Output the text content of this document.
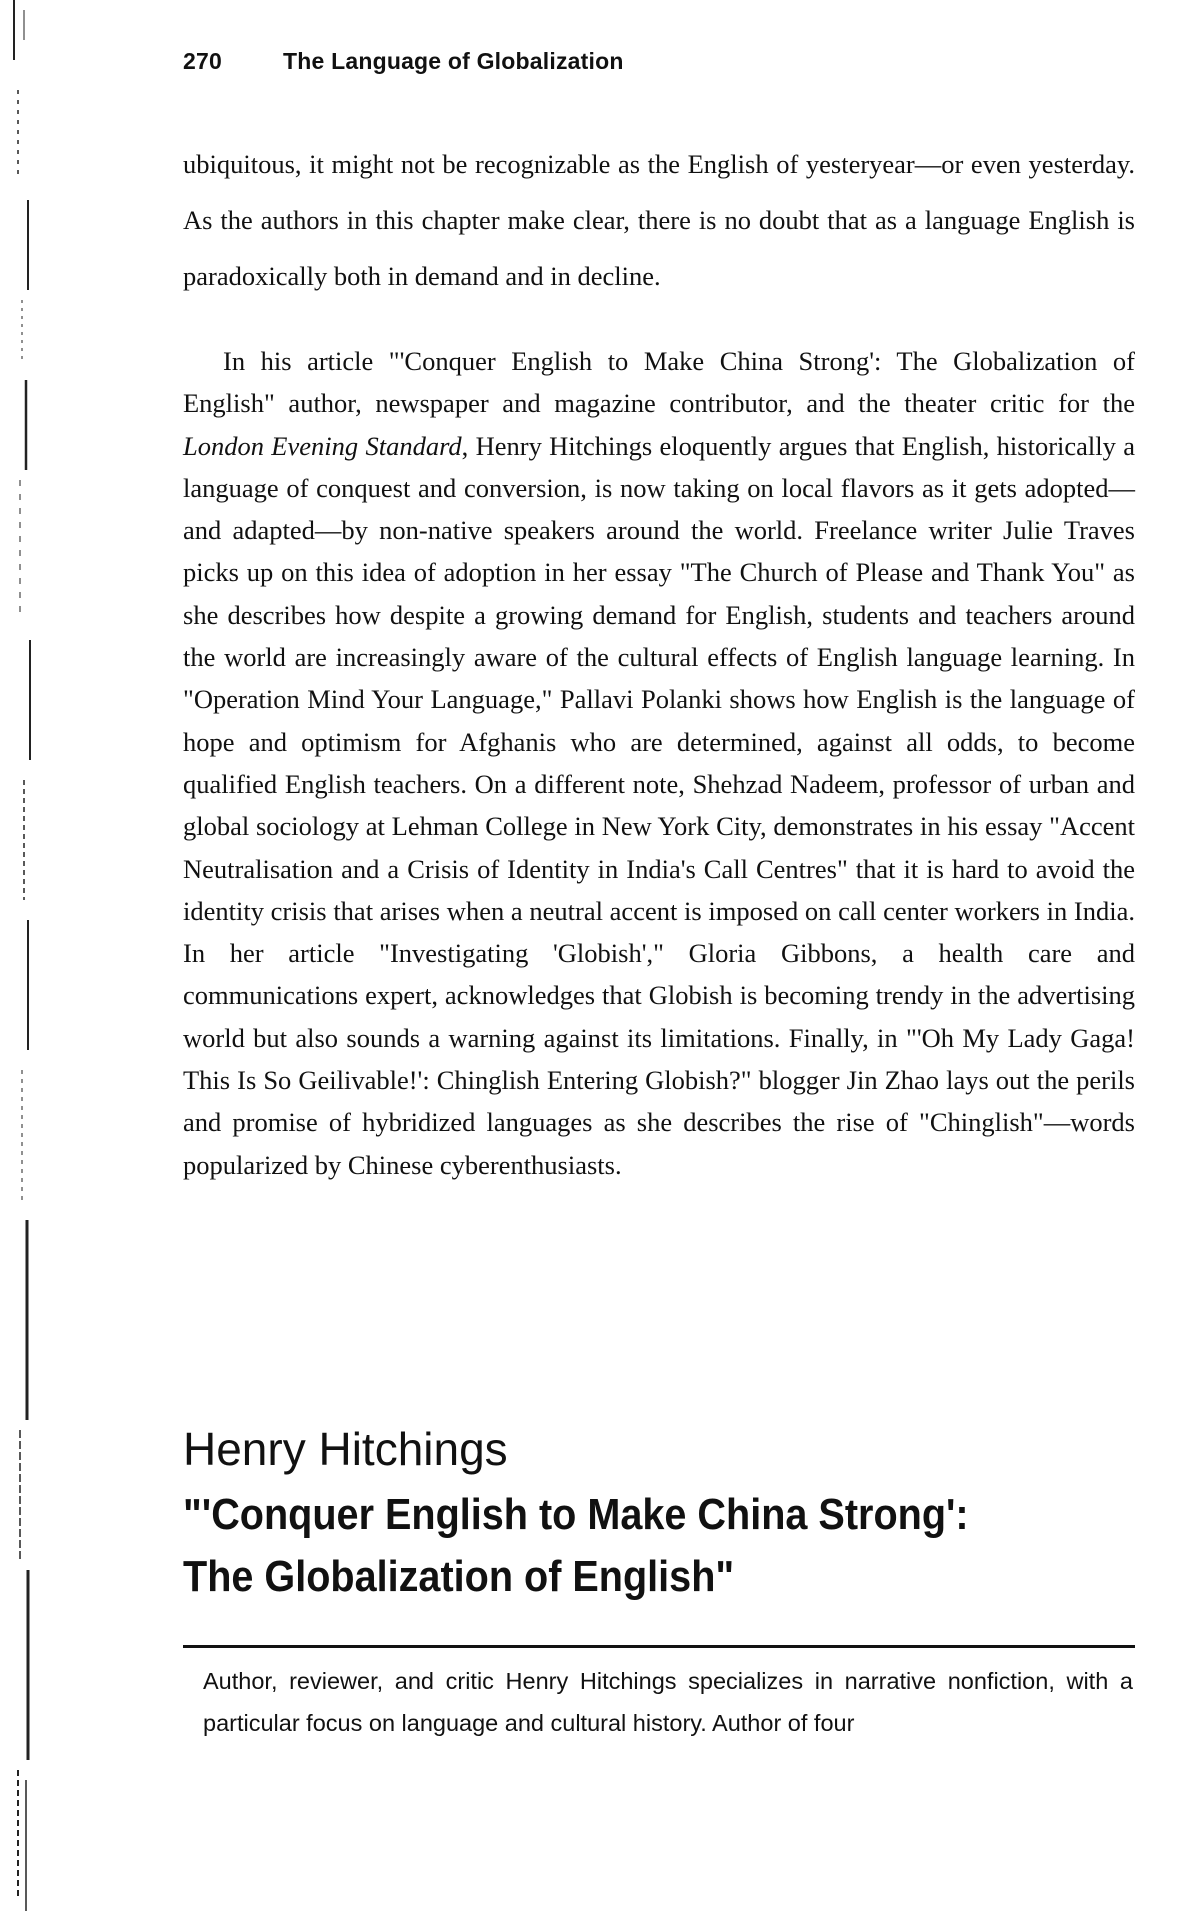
270	The Language of Globalization

ubiquitous, it might not be recognizable as the English of yesteryear—or even yesterday. As the authors in this chapter make clear, there is no doubt that as a language English is paradoxically both in demand and in decline.

In his article "'Conquer English to Make China Strong': The Globalization of English" author, newspaper and magazine contributor, and the theater critic for the London Evening Standard, Henry Hitchings eloquently argues that English, historically a language of conquest and conversion, is now taking on local flavors as it gets adopted—and adapted—by non-native speakers around the world. Freelance writer Julie Traves picks up on this idea of adoption in her essay "The Church of Please and Thank You" as she describes how despite a growing demand for English, students and teachers around the world are increasingly aware of the cultural effects of English language learning. In "Operation Mind Your Language," Pallavi Polanki shows how English is the language of hope and optimism for Afghanis who are determined, against all odds, to become qualified English teachers. On a different note, Shehzad Nadeem, professor of urban and global sociology at Lehman College in New York City, demonstrates in his essay "Accent Neutralisation and a Crisis of Identity in India's Call Centres" that it is hard to avoid the identity crisis that arises when a neutral accent is imposed on call center workers in India. In her article "Investigating 'Globish'," Gloria Gibbons, a health care and communications expert, acknowledges that Globish is becoming trendy in the advertising world but also sounds a warning against its limitations. Finally, in "'Oh My Lady Gaga! This Is So Geilivable!': Chinglish Entering Globish?" blogger Jin Zhao lays out the perils and promise of hybridized languages as she describes the rise of "Chinglish"—words popularized by Chinese cyberenthusiasts.

Henry Hitchings
"'Conquer English to Make China Strong':
The Globalization of English"

Author, reviewer, and critic Henry Hitchings specializes in narrative nonfiction, with a particular focus on language and cultural history. Author of four
